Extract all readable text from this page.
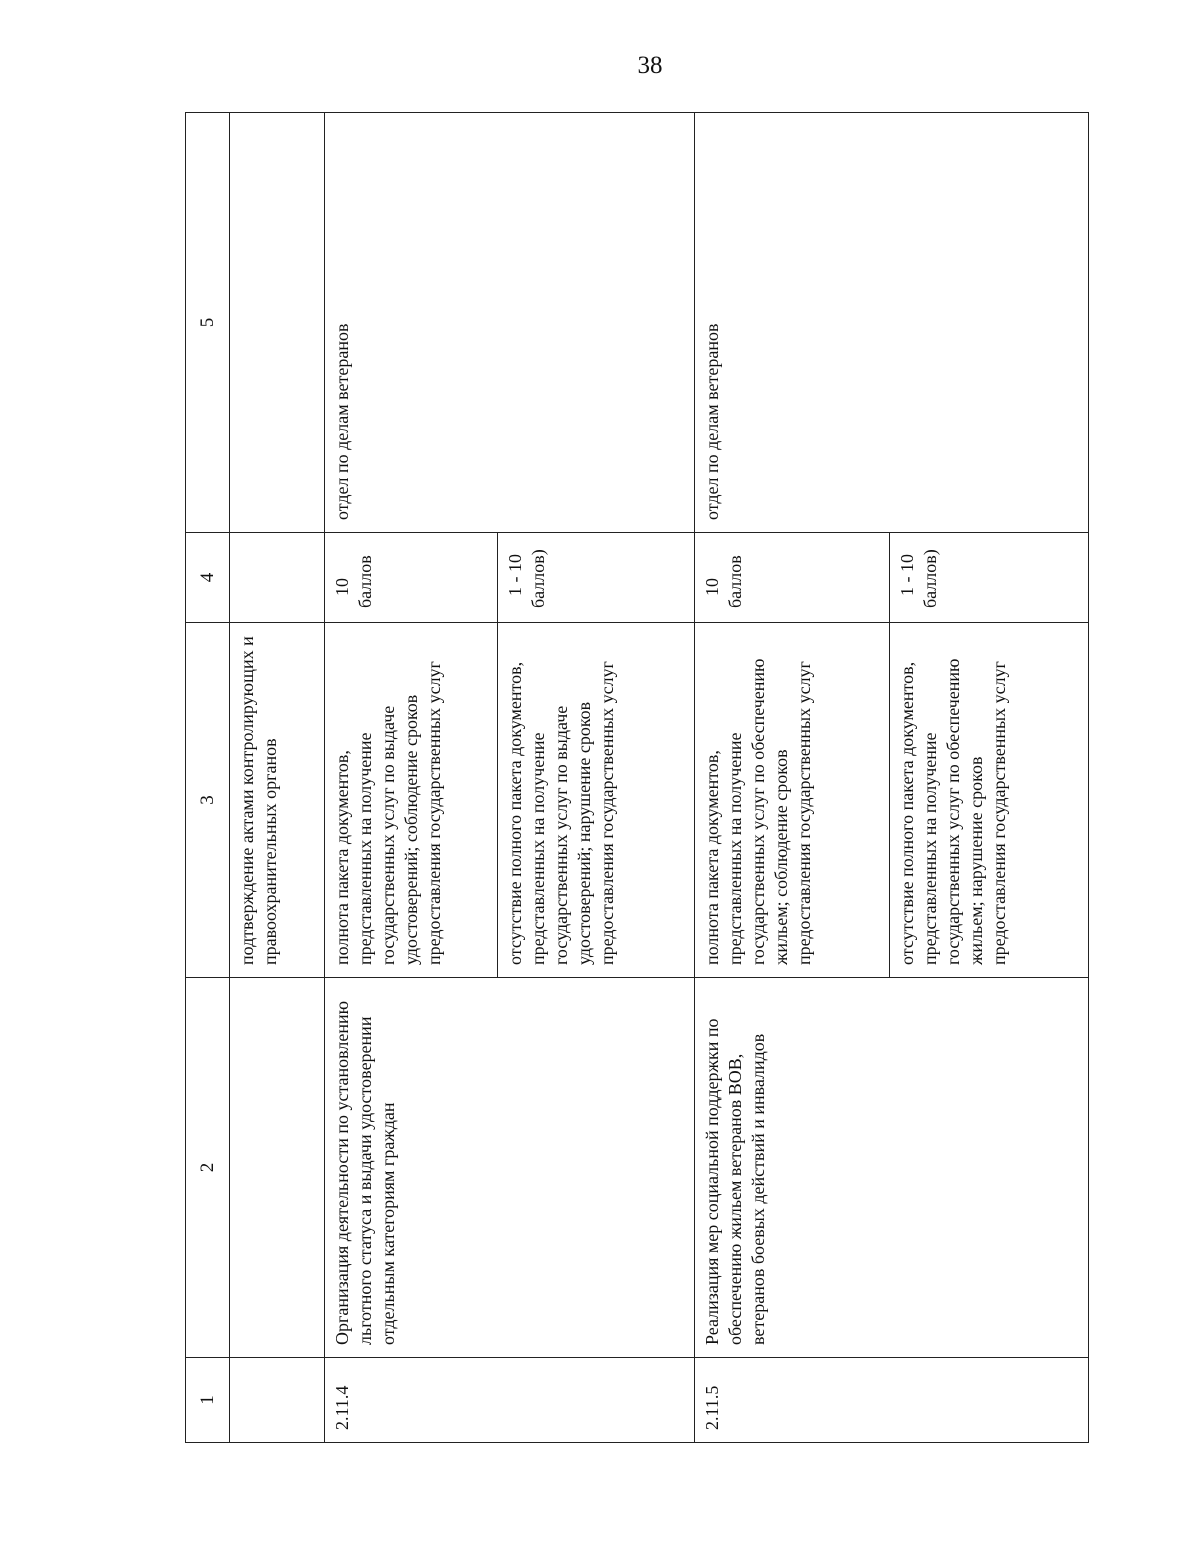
38
1	2	3	4	5
		подтверждение актами контролирующих и правоохранительных органов		
2.11.4	Организация деятельности по установлению льготного статуса и выдачи удостоверении отдельным категориям граждан	полнота пакета документов, представленных на получение государственных услуг по выдаче удостоверений; соблюдение сроков предоставления государственных услуг	10 баллов	отдел по делам ветеранов
		отсутствие полного пакета документов, представленных на получение государственных услуг по выдаче удостоверений; нарушение сроков предоставления государственных услуг	1 - 10 баллов)	

2.11.5	Реализация мер социальной поддержки по обеспечению жильем ветеранов ВОВ, ветеранов боевых действий и инвалидов	полнота пакета документов, представленных на получение государственных услуг по обеспечению жильем; соблюдение сроков предоставления государственных услуг	10 баллов	отдел по делам ветеранов
		отсутствие полного пакета документов, представленных на получение государственных услуг по обеспечению жильем; нарушение сроков предоставления государственных услуг	1 - 10 баллов)	
